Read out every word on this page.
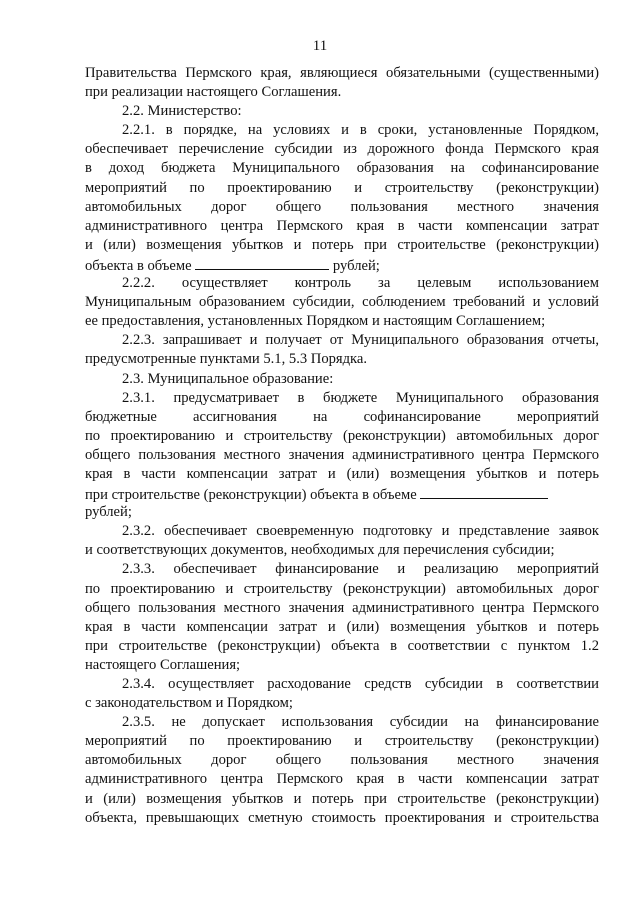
11
Правительства Пермского края, являющиеся обязательными (существенными)
при реализации настоящего Соглашения.
2.2. Министерство:
2.2.1. в порядке, на условиях и в сроки, установленные Порядком,
обеспечивает перечисление субсидии из дорожного фонда Пермского края
в доход бюджета Муниципального образования на софинансирование
мероприятий по проектированию и строительству (реконструкции)
автомобильных дорог общего пользования местного значения
административного центра Пермского края в части компенсации затрат
и (или) возмещения убытков и потерь при строительстве (реконструкции)
объекта в объеме	рублей;
2.2.2. осуществляет контроль за целевым использованием
Муниципальным образованием субсидии, соблюдением требований и условий
ее предоставления, установленных Порядком и настоящим Соглашением;
2.2.3. запрашивает и получает от Муниципального образования отчеты,
предусмотренные пунктами 5.1, 5.3 Порядка.
2.3. Муниципальное образование:
2.3.1. предусматривает в бюджете Муниципального образования
бюджетные ассигнования на софинансирование мероприятий
по проектированию и строительству (реконструкции) автомобильных дорог
общего пользования местного значения административного центра Пермского
края в части компенсации затрат и (или) возмещения убытков и потерь
при строительстве (реконструкции) объекта в объеме
рублей;
2.3.2. обеспечивает своевременную подготовку и представление заявок
и соответствующих документов, необходимых для перечисления субсидии;
2.3.3. обеспечивает финансирование и реализацию мероприятий
по проектированию и строительству (реконструкции) автомобильных дорог
общего пользования местного значения административного центра Пермского
края в части компенсации затрат и (или) возмещения убытков и потерь
при строительстве (реконструкции) объекта в соответствии с пунктом 1.2
настоящего Соглашения;
2.3.4. осуществляет расходование средств субсидии в соответствии
с законодательством и Порядком;
2.3.5. не допускает использования субсидии на финансирование
мероприятий по проектированию и строительству (реконструкции)
автомобильных дорог общего пользования местного значения
административного центра Пермского края в части компенсации затрат
и (или) возмещения убытков и потерь при строительстве (реконструкции)
объекта, превышающих сметную стоимость проектирования и строительства
